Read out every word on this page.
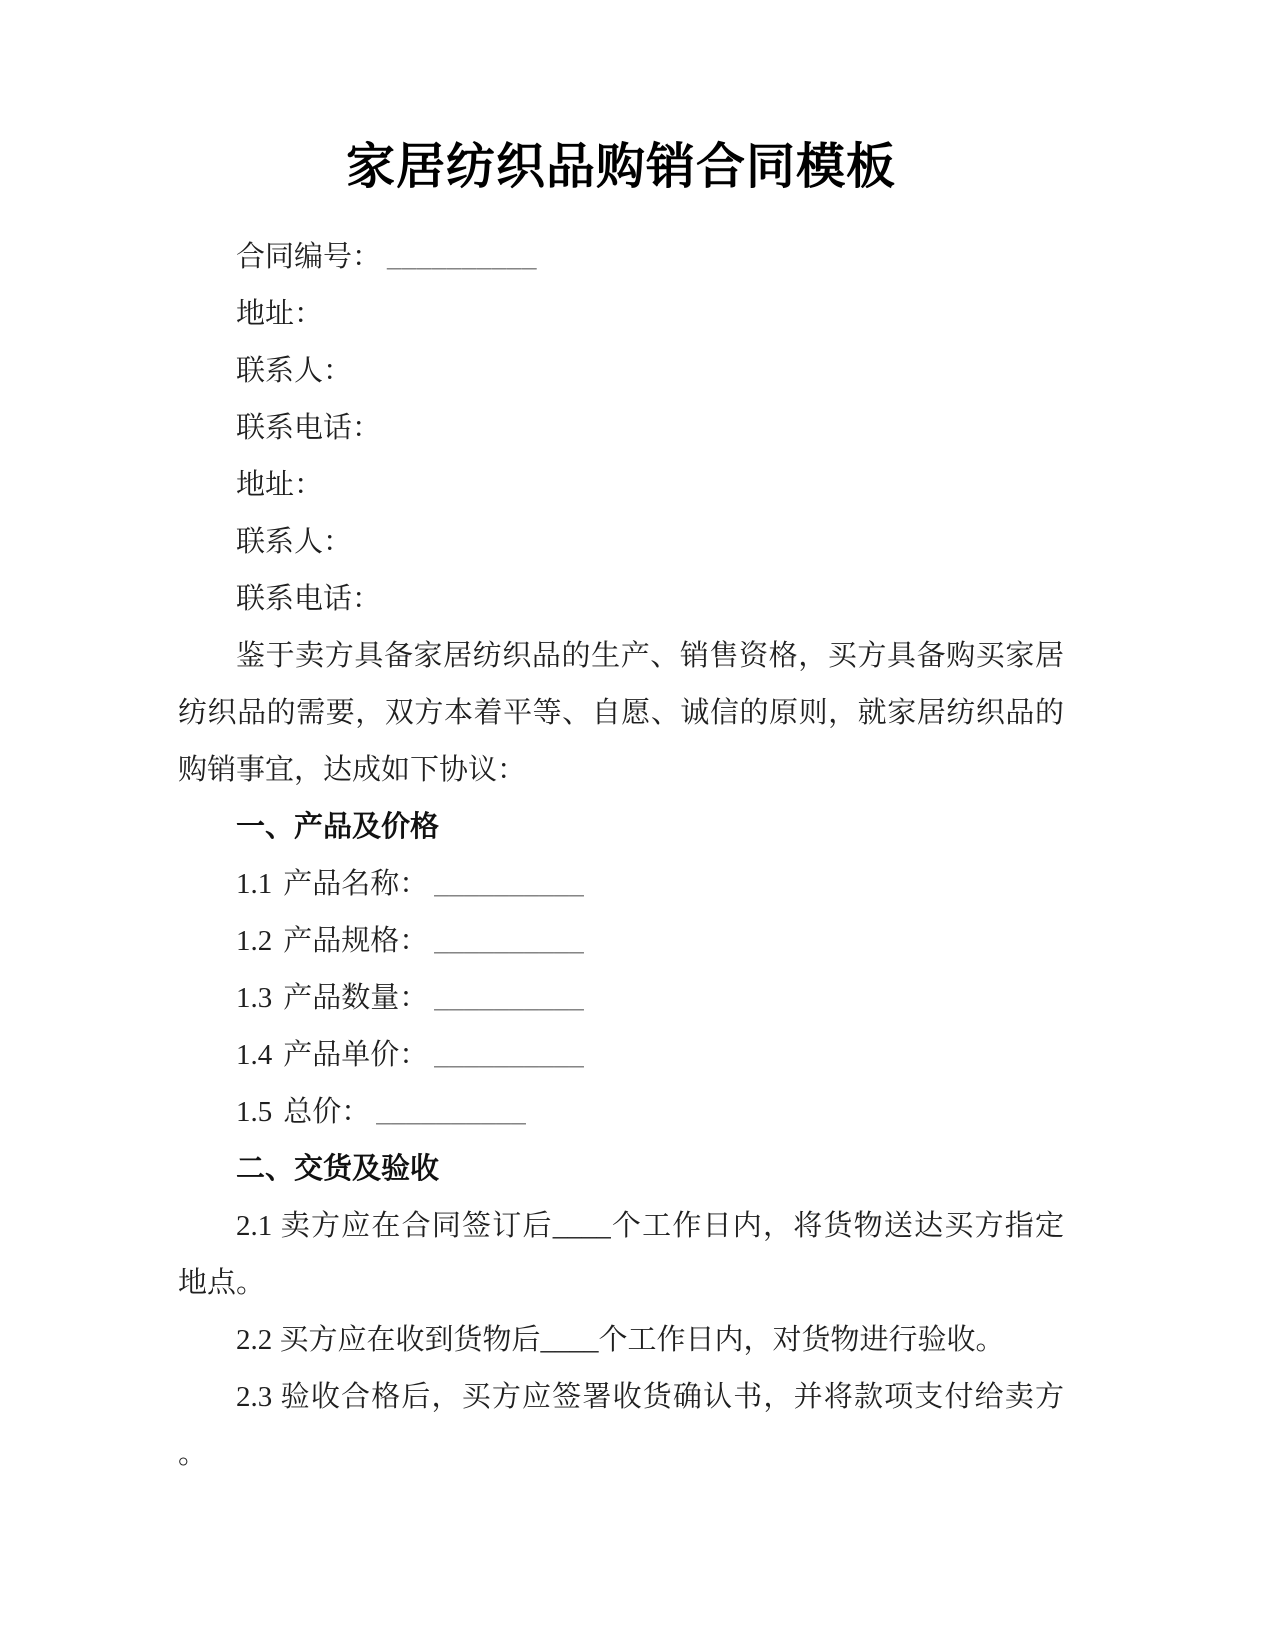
家居纺织品购销合同模板
合同编号： __________
地址：
联系人：
联系电话：
地址：
联系人：
联系电话：
鉴于卖方具备家居纺织品的生产、销售资格，买方具备购买家居
纺织品的需要，双方本着平等、自愿、诚信的原则，就家居纺织品的
购销事宜，达成如下协议：
一、产品及价格
1.1 产品名称： __________
1.2 产品规格： __________
1.3 产品数量： __________
1.4 产品单价： __________
1.5 总价： __________
二、交货及验收
2.1 卖方应在合同签订后____个工作日内，将货物送达买方指定
地点。
2.2 买方应在收到货物后____个工作日内，对货物进行验收。
2.3 验收合格后，买方应签署收货确认书，并将款项支付给卖方
。
